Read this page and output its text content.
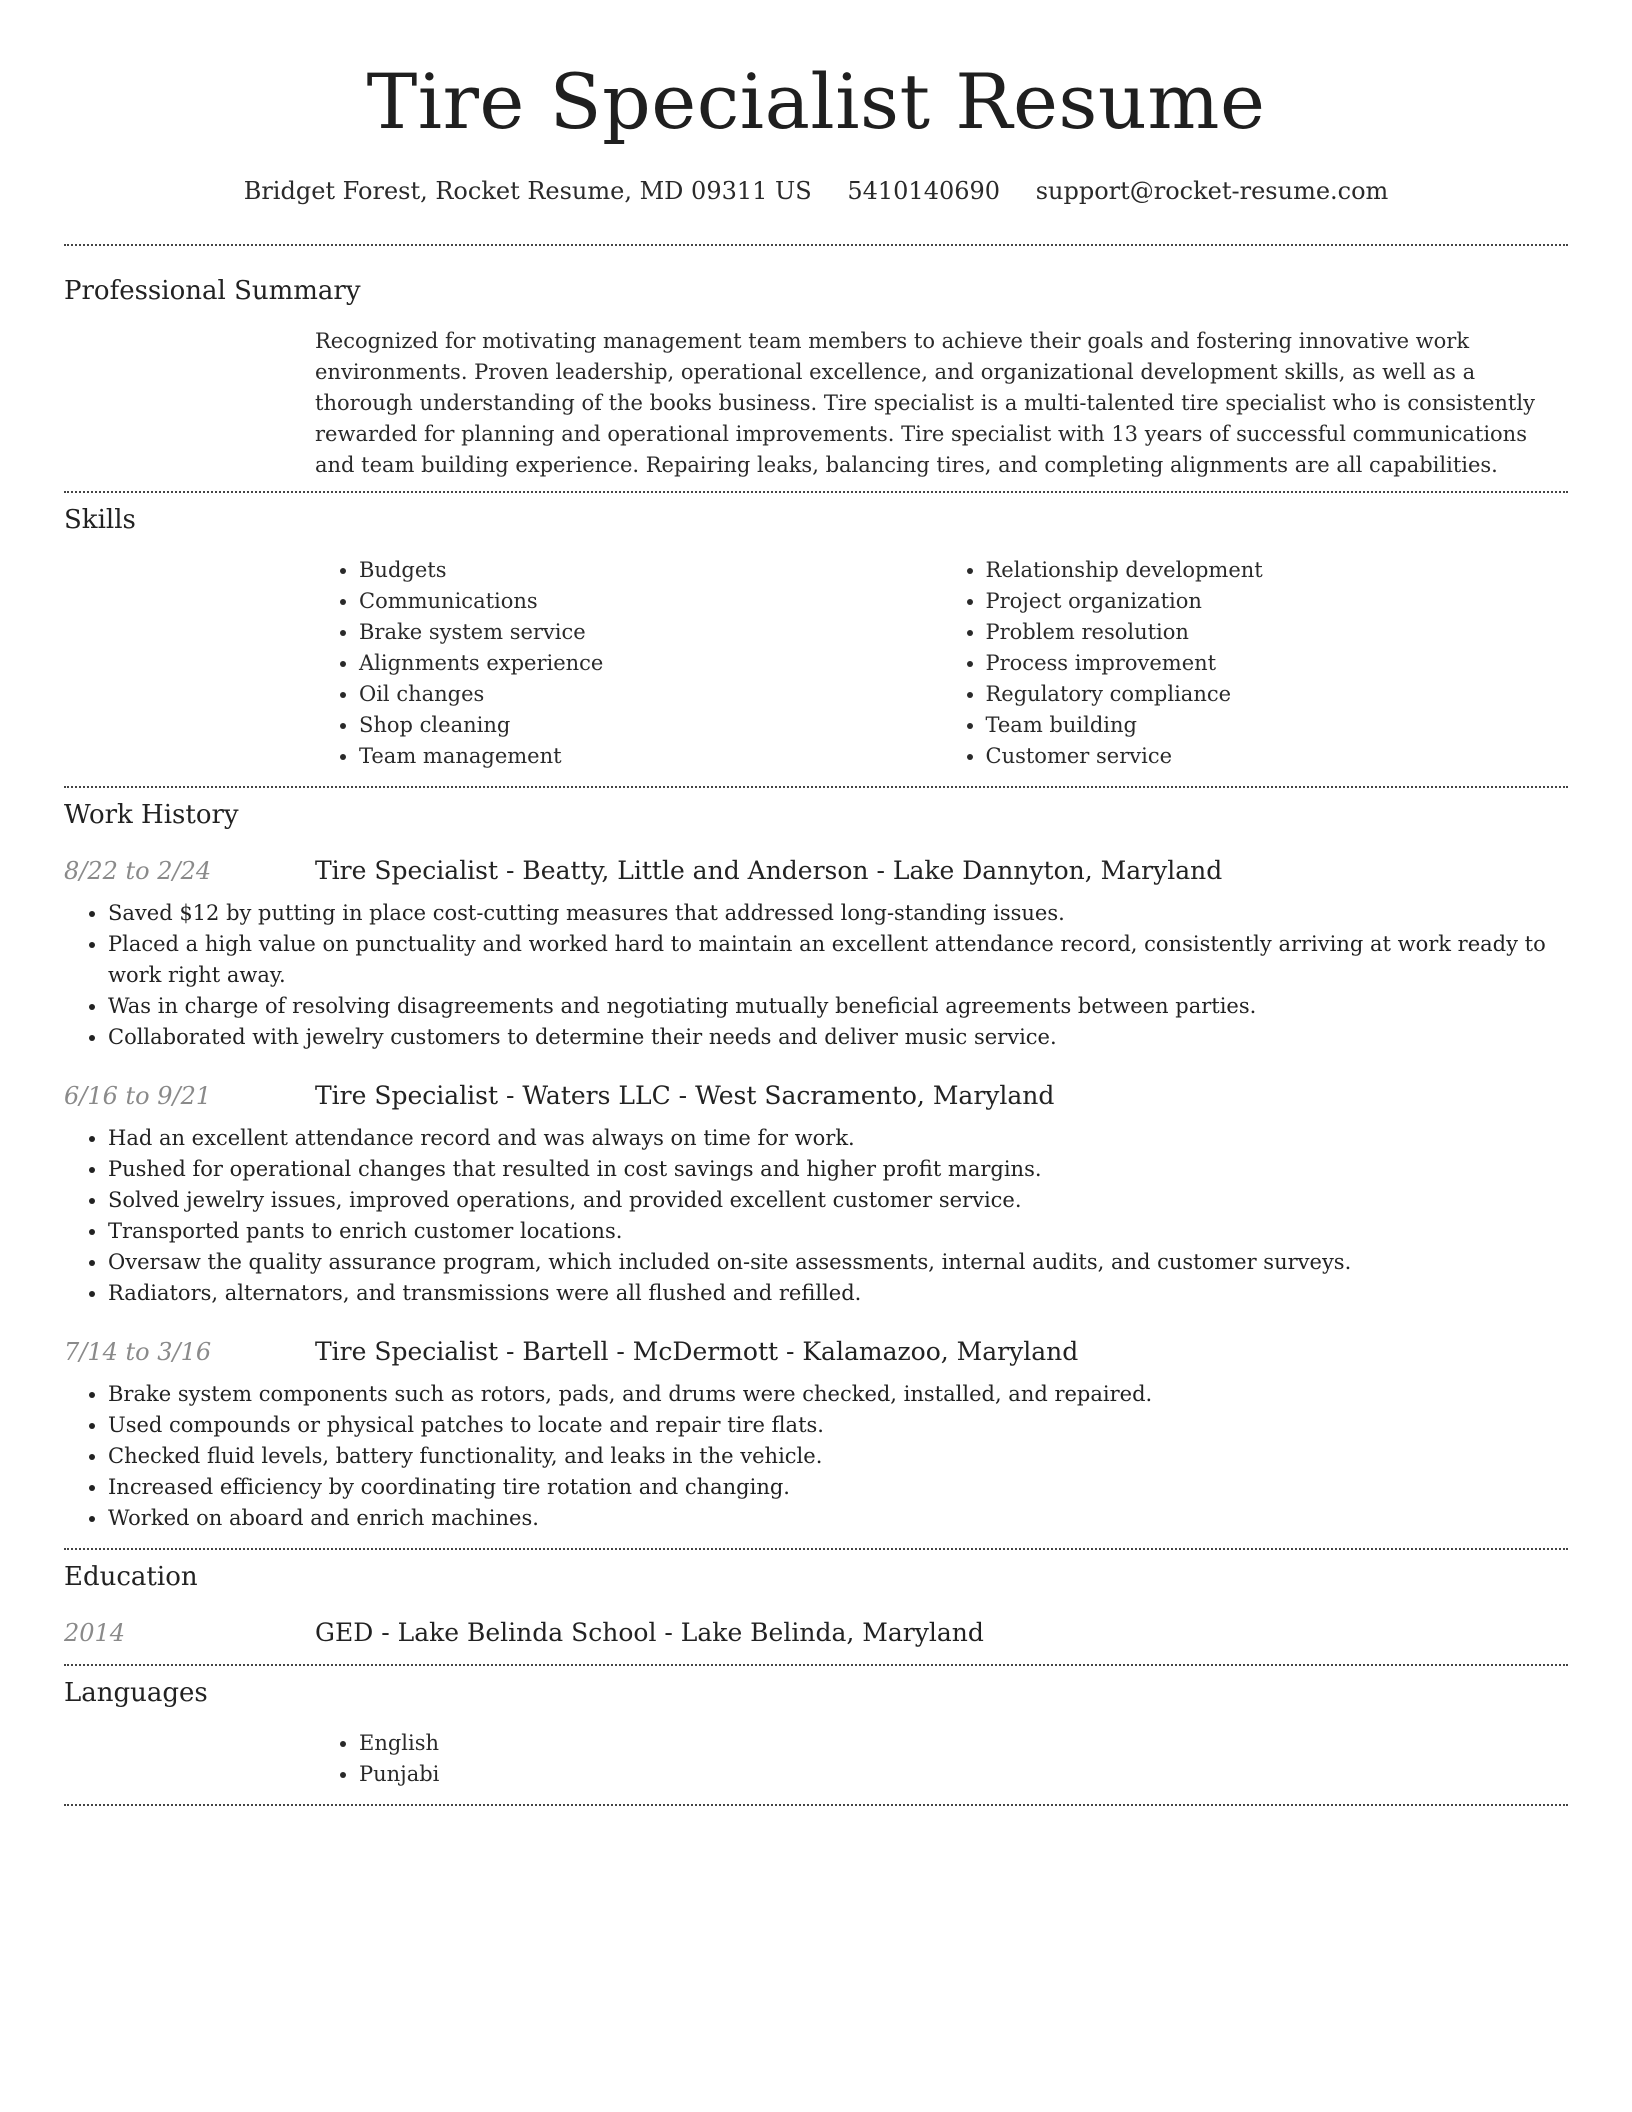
Tire Specialist Resume
Bridget Forest, Rocket Resume, MD 09311 US 5410140690 support@rocket-resume.com
Professional Summary

Recognized for motivating management team members to achieve their goals and fostering innovative work environments. Proven leadership, operational excellence, and organizational development skills, as well as a thorough understanding of the books business. Tire specialist is a multi-talented tire specialist who is consistently rewarded for planning and operational improvements. Tire specialist with 13 years of successful communications and team building experience. Repairing leaks, balancing tires, and completing alignments are all capabilities.

Skills
• Budgets
• Communications
• Brake system service
• Alignments experience
• Oil changes
• Shop cleaning
• Team management
• Relationship development
• Project organization
• Problem resolution
• Process improvement
• Regulatory compliance
• Team building
• Customer service
Work History
8/22 to 2/24	Tire Specialist - Beatty, Little and Anderson - Lake Dannyton, Maryland
• Saved $12 by putting in place cost-cutting measures that addressed long-standing issues.
• Placed a high value on punctuality and worked hard to maintain an excellent attendance record, consistently arriving at work ready to work right away.
• Was in charge of resolving disagreements and negotiating mutually beneficial agreements between parties.
• Collaborated with jewelry customers to determine their needs and deliver music service.
6/16 to 9/21	Tire Specialist - Waters LLC - West Sacramento, Maryland
• Had an excellent attendance record and was always on time for work.
• Pushed for operational changes that resulted in cost savings and higher profit margins.
• Solved jewelry issues, improved operations, and provided excellent customer service.
• Transported pants to enrich customer locations.
• Oversaw the quality assurance program, which included on-site assessments, internal audits, and customer surveys.
• Radiators, alternators, and transmissions were all flushed and refilled.
7/14 to 3/16	Tire Specialist - Bartell - McDermott - Kalamazoo, Maryland
• Brake system components such as rotors, pads, and drums were checked, installed, and repaired.
• Used compounds or physical patches to locate and repair tire flats.
• Checked fluid levels, battery functionality, and leaks in the vehicle.
• Increased efficiency by coordinating tire rotation and changing.
• Worked on aboard and enrich machines.
Education
2014	GED - Lake Belinda School - Lake Belinda, Maryland
Languages
• English
• Punjabi
